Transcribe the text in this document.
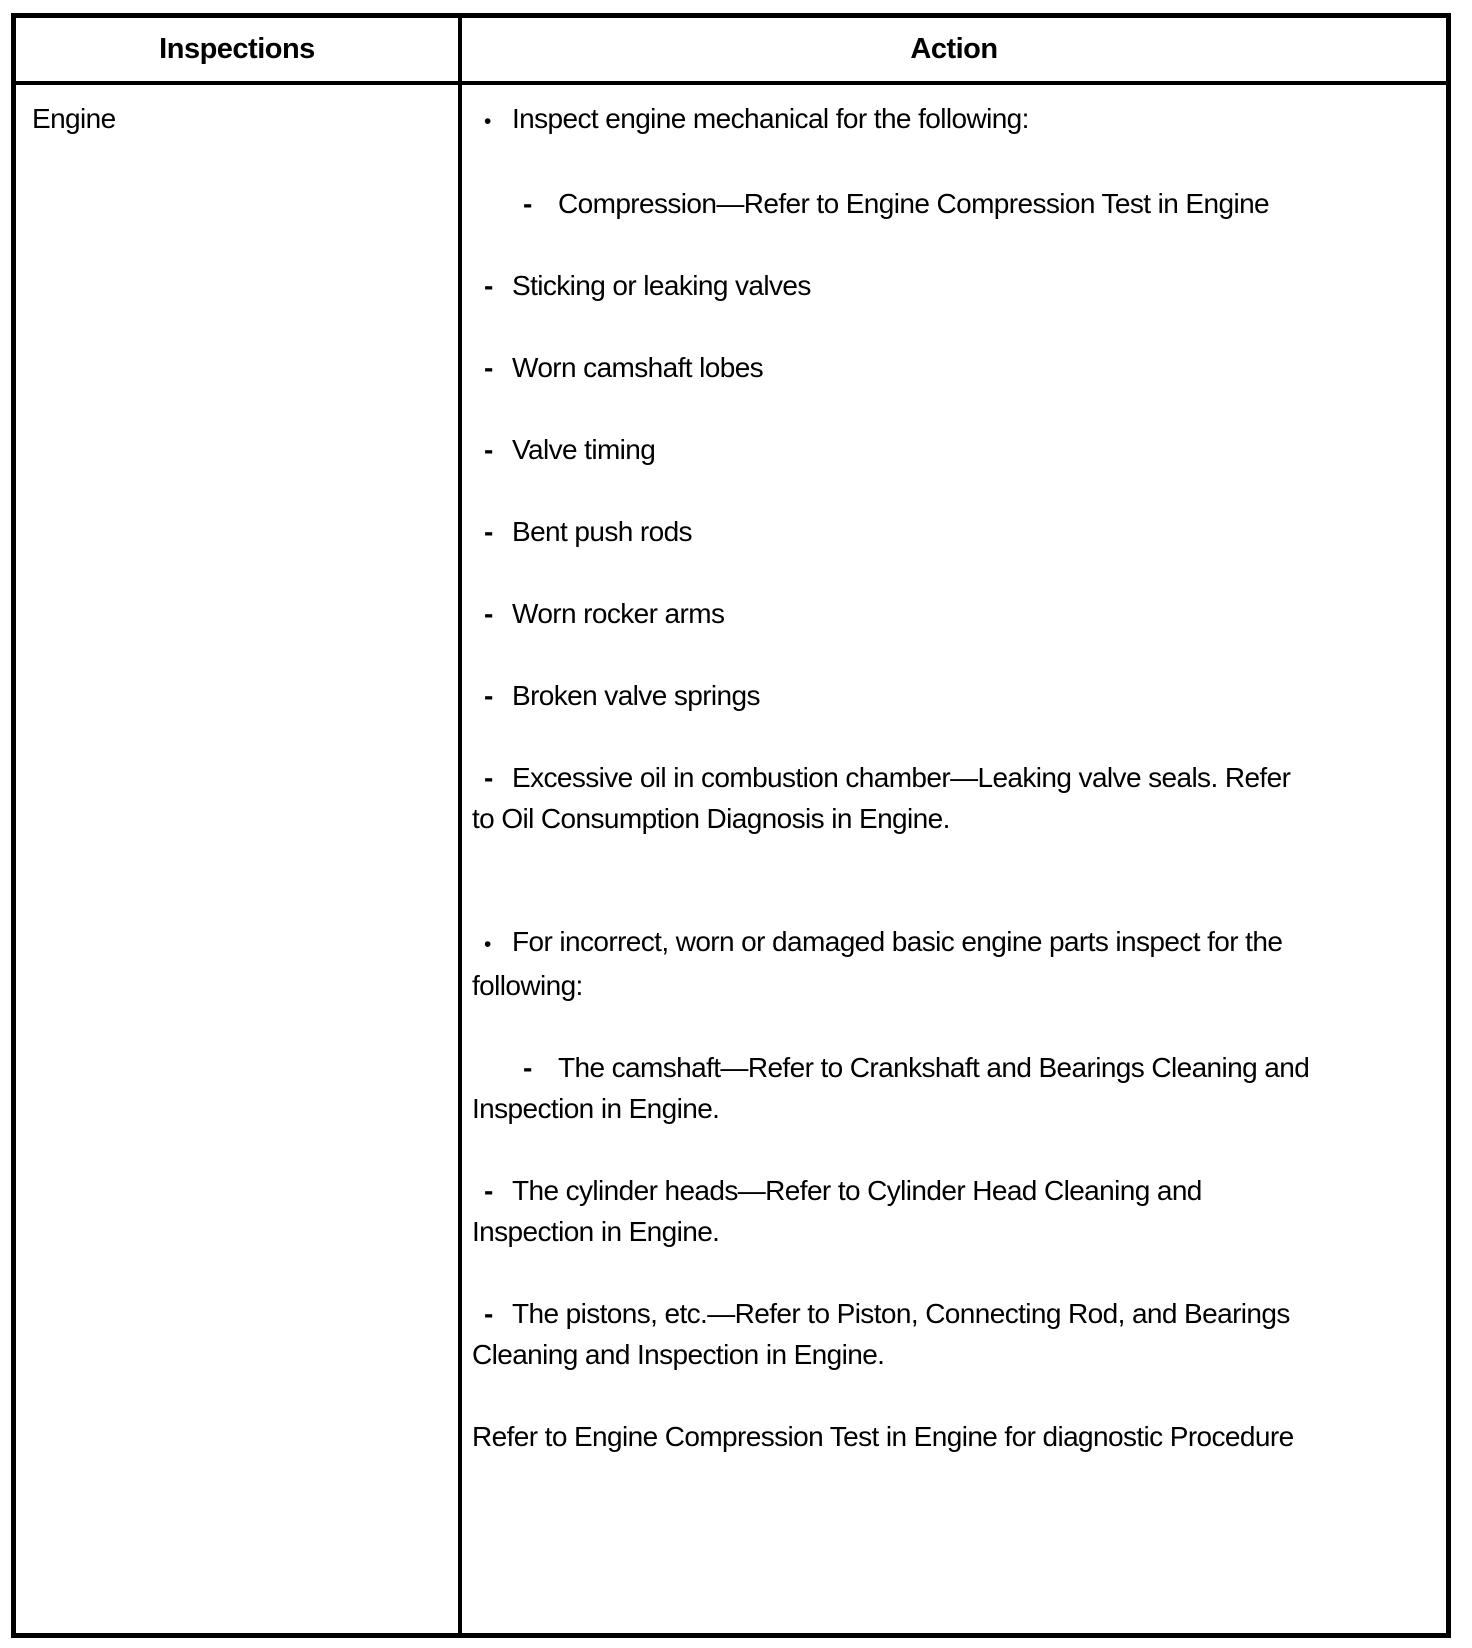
Inspections	Action
Engine	• Inspect engine mechanical for the following:
- Compression—Refer to Engine Compression Test in Engine
- Sticking or leaking valves
- Worn camshaft lobes
- Valve timing
- Bent push rods
- Worn rocker arms
- Broken valve springs
- Excessive oil in combustion chamber—Leaking valve seals. Refer
to Oil Consumption Diagnosis in Engine.
• For incorrect, worn or damaged basic engine parts inspect for the
following:
- The camshaft—Refer to Crankshaft and Bearings Cleaning and
Inspection in Engine.
- The cylinder heads—Refer to Cylinder Head Cleaning and
Inspection in Engine.
- The pistons, etc.—Refer to Piston, Connecting Rod, and Bearings
Cleaning and Inspection in Engine.
Refer to Engine Compression Test in Engine for diagnostic Procedure
